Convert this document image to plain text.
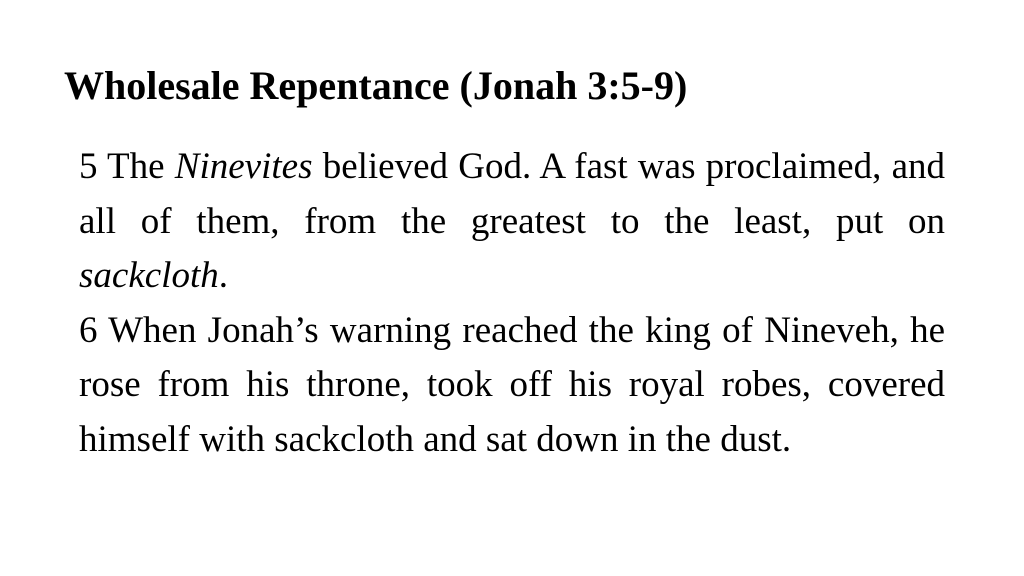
Wholesale Repentance (Jonah 3:5-9)

5 The Ninevites believed God. A fast was proclaimed, and all of them, from the greatest to the least, put on sackcloth.

6 When Jonah’s warning reached the king of Nineveh, he rose from his throne, took off his royal robes, covered himself with sackcloth and sat down in the dust.
